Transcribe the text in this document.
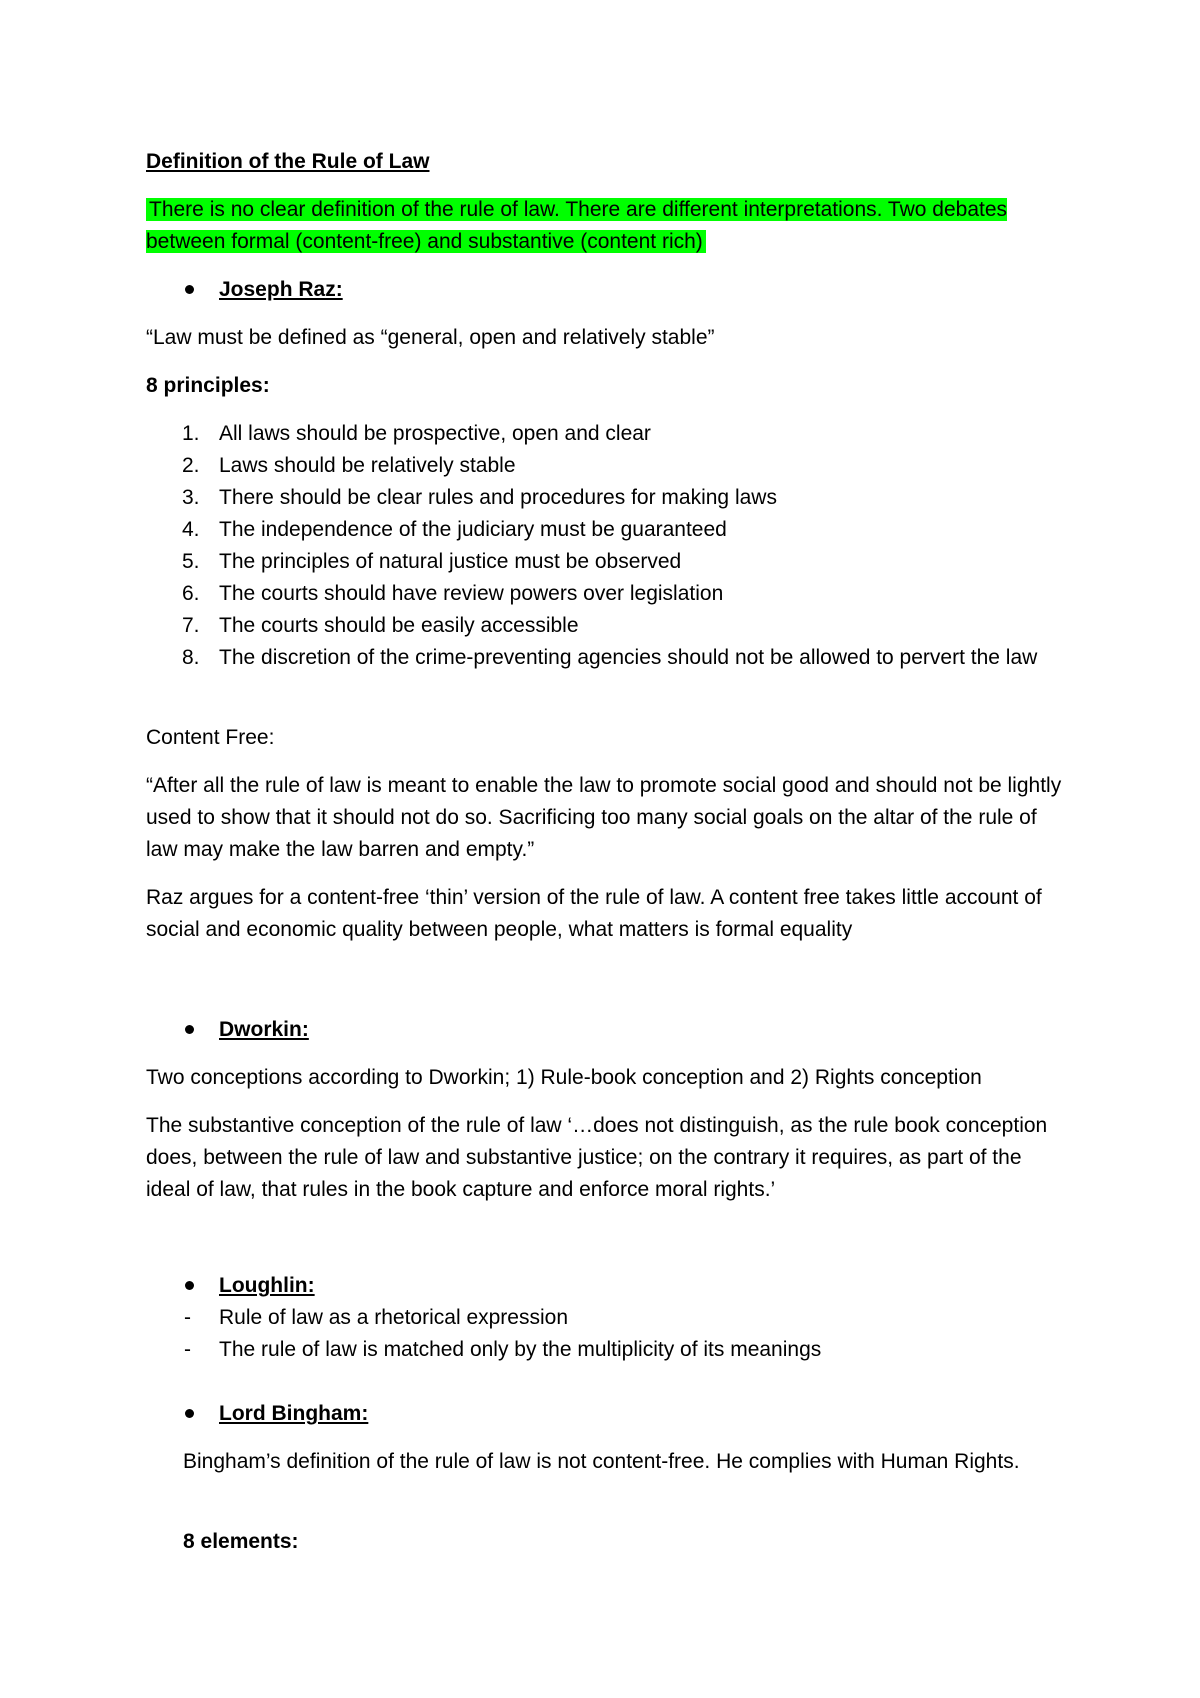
Definition of the Rule of Law

There is no clear definition of the rule of law. There are different interpretations. Two debates between formal (content-free) and substantive (content rich)

Joseph Raz:

“Law must be defined as “general, open and relatively stable”

8 principles:

1. All laws should be prospective, open and clear
2. Laws should be relatively stable
3. There should be clear rules and procedures for making laws
4. The independence of the judiciary must be guaranteed
5. The principles of natural justice must be observed
6. The courts should have review powers over legislation
7. The courts should be easily accessible
8. The discretion of the crime-preventing agencies should not be allowed to pervert the law

Content Free:

“After all the rule of law is meant to enable the law to promote social good and should not be lightly used to show that it should not do so. Sacrificing too many social goals on the altar of the rule of law may make the law barren and empty.”

Raz argues for a content-free ‘thin’ version of the rule of law. A content free takes little account of social and economic quality between people, what matters is formal equality

Dworkin:

Two conceptions according to Dworkin; 1) Rule-book conception and 2) Rights conception

The substantive conception of the rule of law ‘…does not distinguish, as the rule book conception does, between the rule of law and substantive justice; on the contrary it requires, as part of the ideal of law, that rules in the book capture and enforce moral rights.’

Loughlin:
- Rule of law as a rhetorical expression
- The rule of law is matched only by the multiplicity of its meanings
Lord Bingham:

Bingham’s definition of the rule of law is not content-free. He complies with Human Rights.

8 elements:
